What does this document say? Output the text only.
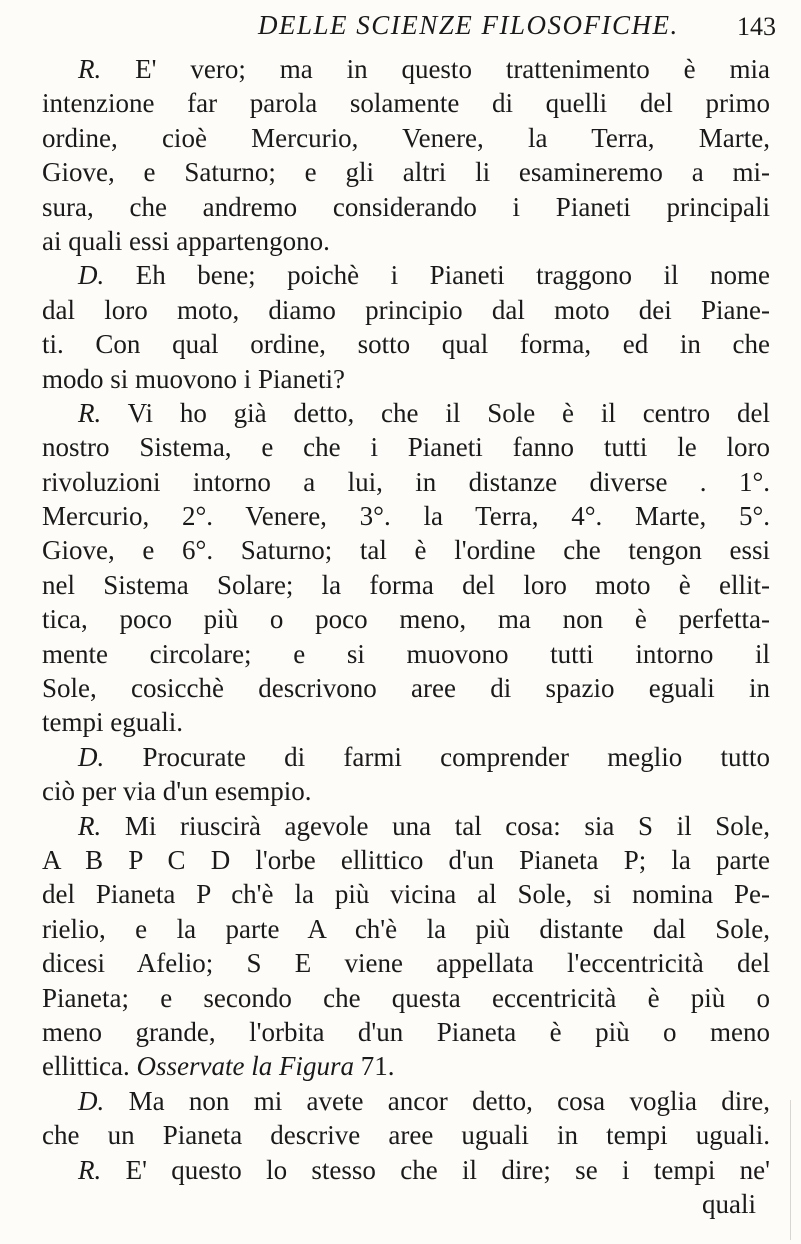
DELLE SCIENZE FILOSOFICHE. 143
R. E' vero; ma in questo trattenimento è mia
intenzione far parola solamente di quelli del primo
ordine, cioè Mercurio, Venere, la Terra, Marte,
Giove, e Saturno; e gli altri li esamineremo a mi-
sura, che andremo considerando i Pianeti principali
ai quali essi appartengono.
D. Eh bene; poichè i Pianeti traggono il nome
dal loro moto, diamo principio dal moto dei Piane-
ti. Con qual ordine, sotto qual forma, ed in che
modo si muovono i Pianeti?
R. Vi ho già detto, che il Sole è il centro del
nostro Sistema, e che i Pianeti fanno tutti le loro
rivoluzioni intorno a lui, in distanze diverse . 1°.
Mercurio, 2°. Venere, 3°. la Terra, 4°. Marte, 5°.
Giove, e 6°. Saturno; tal è l'ordine che tengon essi
nel Sistema Solare; la forma del loro moto è ellit-
tica, poco più o poco meno, ma non è perfetta-
mente circolare; e si muovono tutti intorno il
Sole, cosicchè descrivono aree di spazio eguali in
tempi eguali.
D. Procurate di farmi comprender meglio tutto
ciò per via d'un esempio.
R. Mi riuscirà agevole una tal cosa: sia S il Sole,
A B P C D l'orbe ellittico d'un Pianeta P; la parte
del Pianeta P ch'è la più vicina al Sole, si nomina Pe-
rielio, e la parte A ch'è la più distante dal Sole,
dicesi Afelio; S E viene appellata l'eccentricità del
Pianeta; e secondo che questa eccentricità è più o
meno grande, l'orbita d'un Pianeta è più o meno
ellittica. Osservate la Figura 71.
D. Ma non mi avete ancor detto, cosa voglia dire,
che un Pianeta descrive aree uguali in tempi uguali.
R. E' questo lo stesso che il dire; se i tempi ne'
quali
